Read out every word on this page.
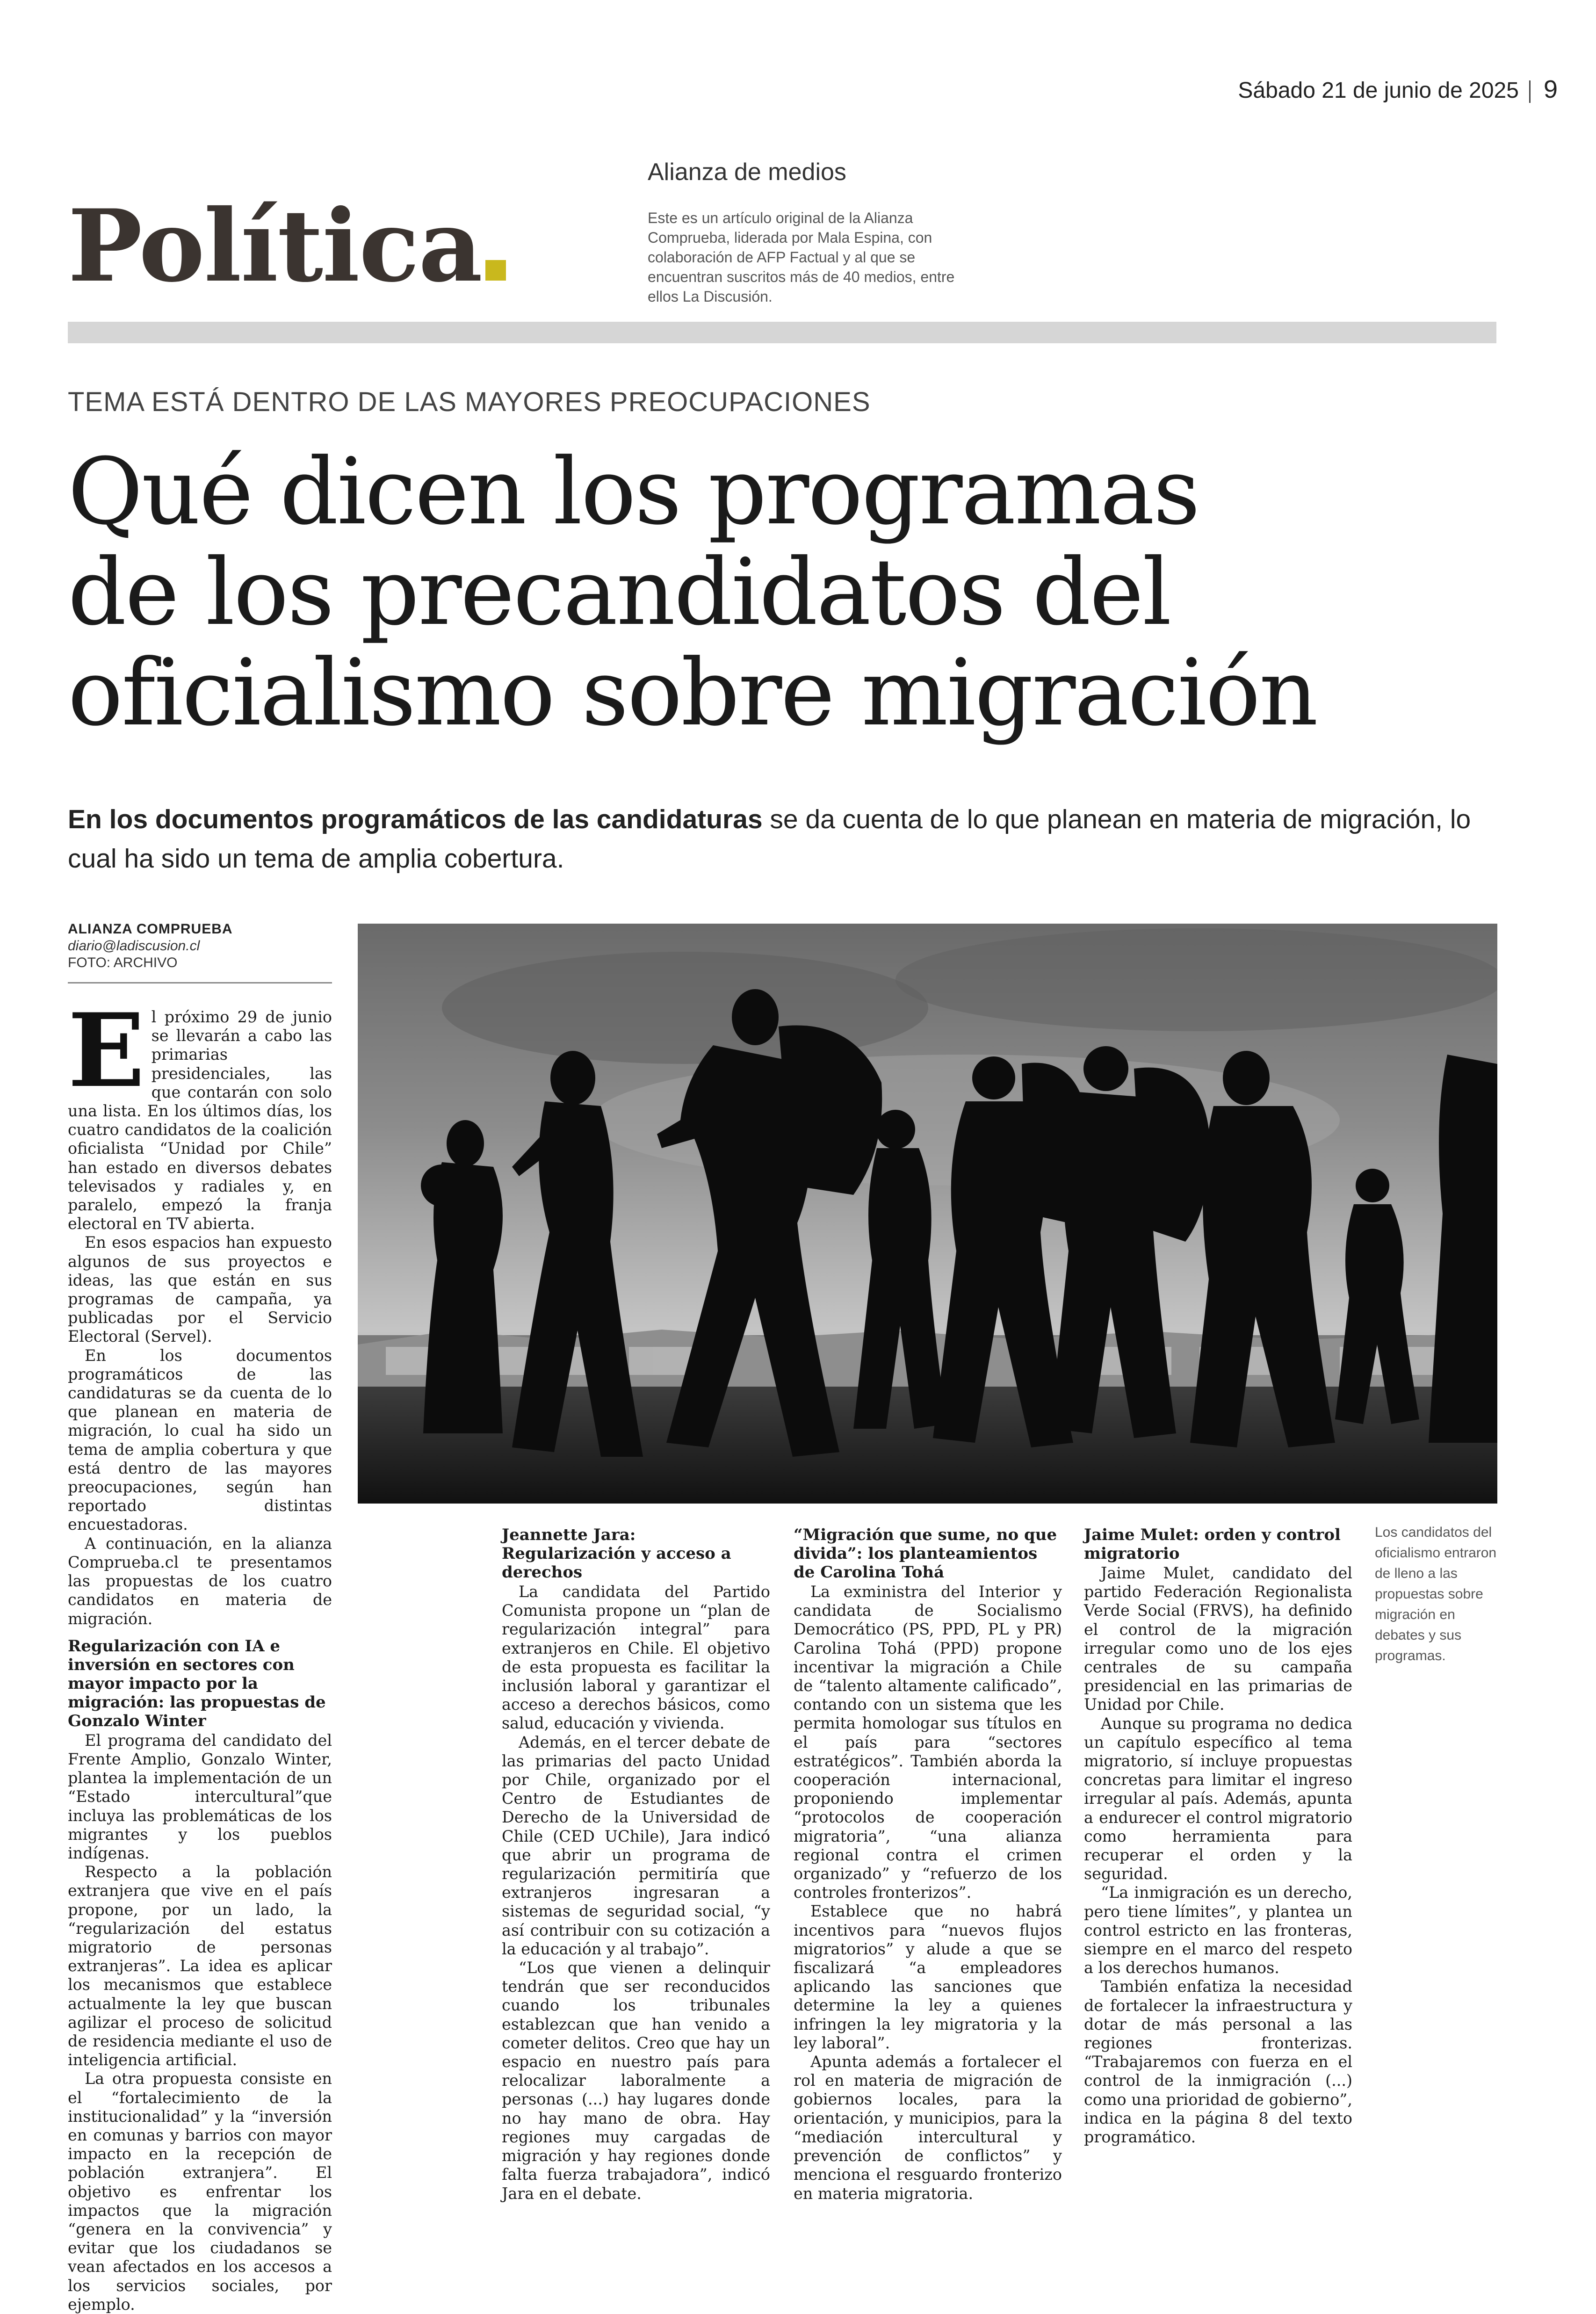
Sábado 21 de junio de 2025 9
Política
Alianza de medios
Este es un artículo original de la Alianza Comprueba, liderada por Mala Espina, con colaboración de AFP Factual y al que se encuentran suscritos más de 40 medios, entre ellos La Discusión.
TEMA ESTÁ DENTRO DE LAS MAYORES PREOCUPACIONES
Qué dicen los programas
de los precandidatos del
oficialismo sobre migración
En los documentos programáticos de las candidaturas se da cuenta de lo que planean en materia de migración, lo cual ha sido un tema de amplia cobertura.
ALIANZA COMPRUEBA
diario@ladiscusion.cl
FOTO: ARCHIVO
Los candidatos del oficialismo entraron de lleno a las propuestas sobre migración en debates y sus programas.

El próximo 29 de junio se llevarán a cabo las primarias presidenciales, las que contarán con solo una lista. En los últimos días, los cuatro candidatos de la coalición oficialista “Unidad por Chile” han estado en diversos debates televisados y radiales y, en paralelo, empezó la franja electoral en TV abierta.

En esos espacios han expuesto algunos de sus proyectos e ideas, las que están en sus programas de campaña, ya publicadas por el Servicio Electoral (Servel).

En los documentos programáticos de las candidaturas se da cuenta de lo que planean en materia de migración, lo cual ha sido un tema de amplia cobertura y que está dentro de las mayores preocupaciones, según han reportado distintas encuestadoras.

A continuación, en la alianza Comprueba.cl te presentamos las propuestas de los cuatro candidatos en materia de migración.

Regularización con IA e inversión en sectores con mayor impacto por la migración: las propuestas de Gonzalo Winter

El programa del candidato del Frente Amplio, Gonzalo Winter, plantea la implementación de un “Estado intercultural”que incluya las problemáticas de los migrantes y los pueblos indígenas.

Respecto a la población extranjera que vive en el país propone, por un lado, la “regularización del estatus migratorio de personas extranjeras”. La idea es aplicar los mecanismos que establece actualmente la ley que buscan agilizar el proceso de solicitud de residencia mediante el uso de inteligencia artificial.

La otra propuesta consiste en el “fortalecimiento de la institucionalidad” y la “inversión en comunas y barrios con mayor impacto en la recepción de población extranjera”. El objetivo es enfrentar los impactos que la migración “genera en la convivencia” y evitar que los ciudadanos se vean afectados en los accesos a los servicios sociales, por ejemplo.

Jeannette Jara: Regularización y acceso a derechos

La candidata del Partido Comunista propone un “plan de regularización integral” para extranjeros en Chile. El objetivo de esta propuesta es facilitar la inclusión laboral y garantizar el acceso a derechos básicos, como salud, educación y vivienda.

Además, en el tercer debate de las primarias del pacto Unidad por Chile, organizado por el Centro de Estudiantes de Derecho de la Universidad de Chile (CED UChile), Jara indicó que abrir un programa de regularización permitiría que extranjeros ingresaran a sistemas de seguridad social, “y así contribuir con su cotización a la educación y al trabajo”.

“Los que vienen a delinquir tendrán que ser reconducidos cuando los tribunales establezcan que han venido a cometer delitos. Creo que hay un espacio en nuestro país para relocalizar laboralmente a personas (...) hay lugares donde no hay mano de obra. Hay regiones muy cargadas de migración y hay regiones donde falta fuerza trabajadora”, indicó Jara en el debate.

“Migración que sume, no que divida”: los planteamientos de Carolina Tohá

La exministra del Interior y candidata de Socialismo Democrático (PS, PPD, PL y PR) Carolina Tohá (PPD) propone incentivar la migración a Chile de “talento altamente calificado”, contando con un sistema que les permita homologar sus títulos en el país para “sectores estratégicos”. También aborda la cooperación internacional, proponiendo implementar “protocolos de cooperación migratoria”, “una alianza regional contra el crimen organizado” y “refuerzo de los controles fronterizos”.

Establece que no habrá incentivos para “nuevos flujos migratorios” y alude a que se fiscalizará “a empleadores aplicando las sanciones que determine la ley a quienes infringen la ley migratoria y la ley laboral”.

Apunta además a fortalecer el rol en materia de migración de gobiernos locales, para la orientación, y municipios, para la “mediación intercultural y prevención de conflictos” y menciona el resguardo fronterizo en materia migratoria.

Jaime Mulet: orden y control migratorio

Jaime Mulet, candidato del partido Federación Regionalista Verde Social (FRVS), ha definido el control de la migración irregular como uno de los ejes centrales de su campaña presidencial en las primarias de Unidad por Chile.

Aunque su programa no dedica un capítulo específico al tema migratorio, sí incluye propuestas concretas para limitar el ingreso irregular al país. Además, apunta a endurecer el control migratorio como herramienta para recuperar el orden y la seguridad.

“La inmigración es un derecho, pero tiene límites”, y plantea un control estricto en las fronteras, siempre en el marco del respeto a los derechos humanos.

También enfatiza la necesidad de fortalecer la infraestructura y dotar de más personal a las regiones fronterizas. “Trabajaremos con fuerza en el control de la inmigración (...) como una prioridad de gobierno”, indica en la página 8 del texto programático.
